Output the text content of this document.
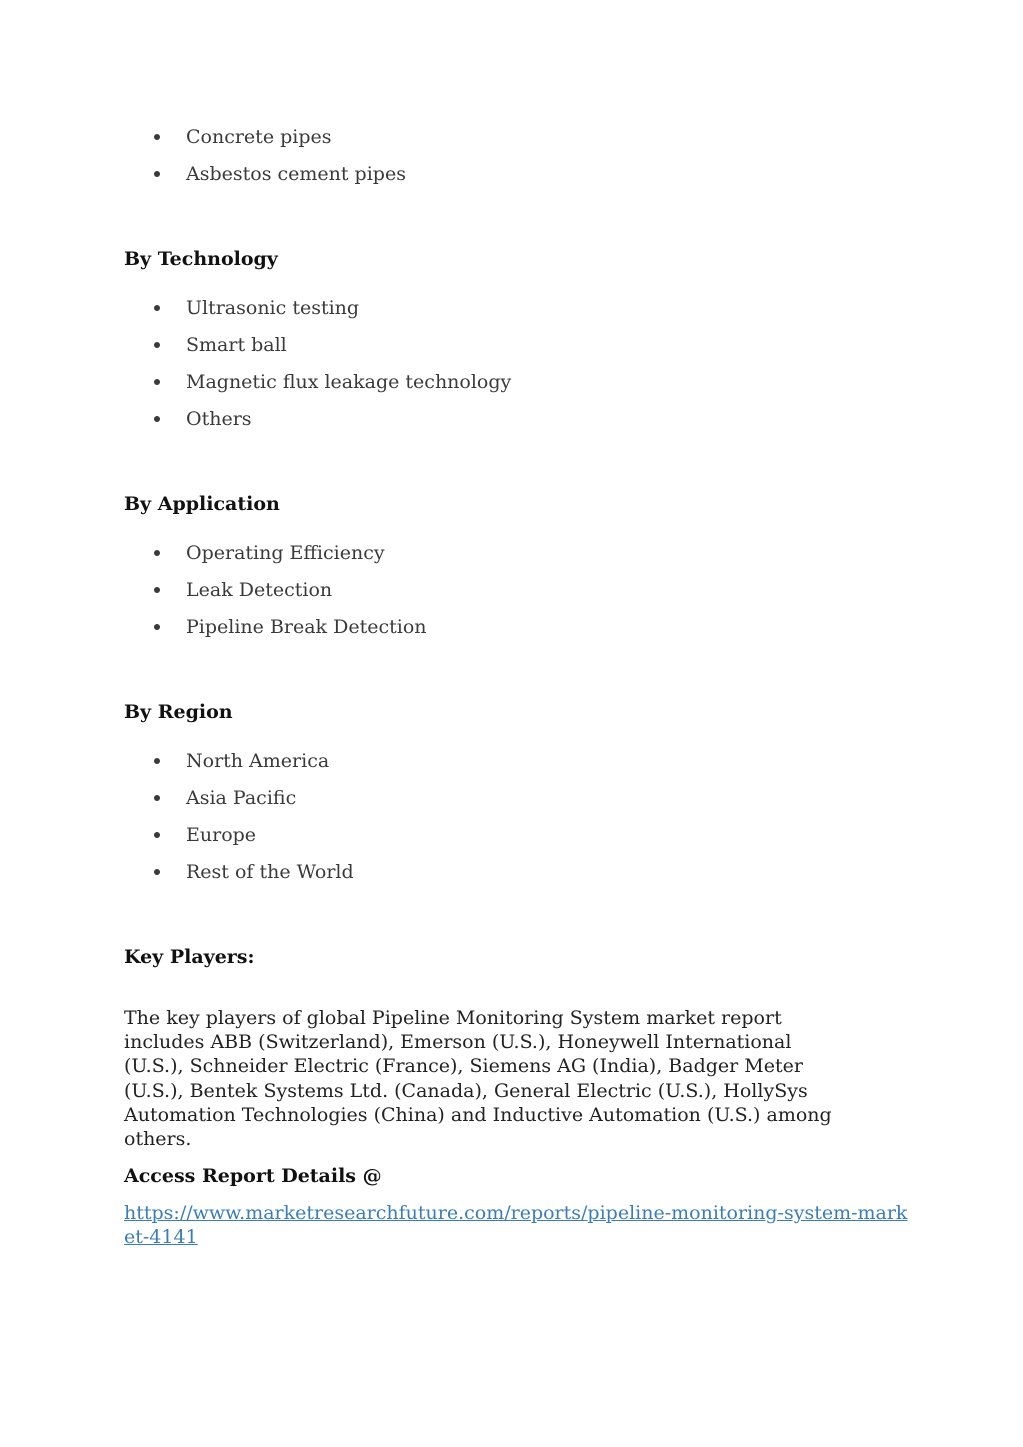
Concrete pipes
Asbestos cement pipes
By Technology
Ultrasonic testing
Smart ball
Magnetic flux leakage technology
Others
By Application
Operating Efficiency
Leak Detection
Pipeline Break Detection
By Region
North America
Asia Pacific
Europe
Rest of the World
Key Players:

The key players of global Pipeline Monitoring System market report includes ABB (Switzerland), Emerson (U.S.), Honeywell International (U.S.), Schneider Electric (France), Siemens AG (India), Badger Meter (U.S.), Bentek Systems Ltd. (Canada), General Electric (U.S.), HollySys Automation Technologies (China) and Inductive Automation (U.S.) among others.

Access Report Details @
https://www.marketresearchfuture.com/reports/pipeline-monitoring-system-market-4141
